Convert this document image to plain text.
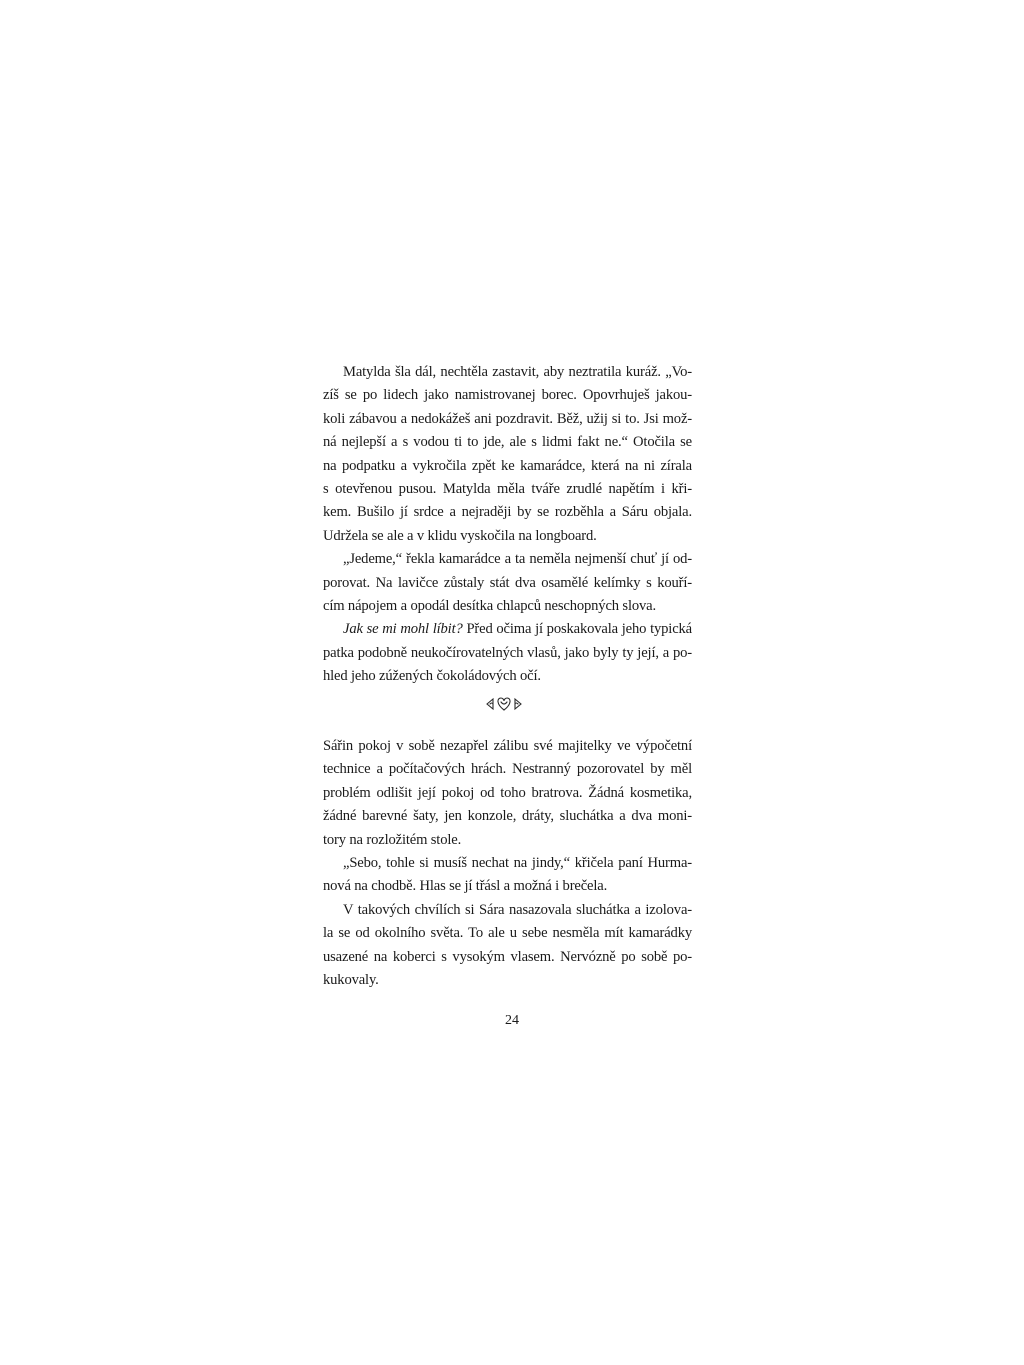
Matylda šla dál, nechtěla zastavit, aby neztratila kuráž. „Vo-
zíš se po lidech jako namistrovanej borec. Opovrhuješ jakou-
koli zábavou a nedokážeš ani pozdravit. Běž, užij si to. Jsi mož-
ná nejlepší a s vodou ti to jde, ale s lidmi fakt ne.“ Otočila se
na podpatku a vykročila zpět ke kamarádce, která na ni zírala
s otevřenou pusou. Matylda měla tváře zrudlé napětím i kři-
kem. Bušilo jí srdce a nejraději by se rozběhla a Sáru objala.
Udržela se ale a v klidu vyskočila na longboard.
„Jedeme,“ řekla kamarádce a ta neměla nejmenší chuť jí od-
porovat. Na lavičce zůstaly stát dva osamělé kelímky s kouří-
cím nápojem a opodál desítka chlapců neschopných slova.
Jak se mi mohl líbit? Před očima jí poskakovala jeho typická
patka podobně neukočírovatelných vlasů, jako byly ty její, a po-
hled jeho zúžených čokoládových očí.
Sářin pokoj v sobě nezapřel zálibu své majitelky ve výpočetní
technice a počítačových hrách. Nestranný pozorovatel by měl
problém odlišit její pokoj od toho bratrova. Žádná kosmetika,
žádné barevné šaty, jen konzole, dráty, sluchátka a dva moni-
tory na rozložitém stole.
„Sebo, tohle si musíš nechat na jindy,“ křičela paní Hurma-
nová na chodbě. Hlas se jí třásl a možná i brečela.
V takových chvílích si Sára nasazovala sluchátka a izolova-
la se od okolního světa. To ale u sebe nesměla mít kamarádky
usazené na koberci s vysokým vlasem. Nervózně po sobě po-
kukovaly.
24
